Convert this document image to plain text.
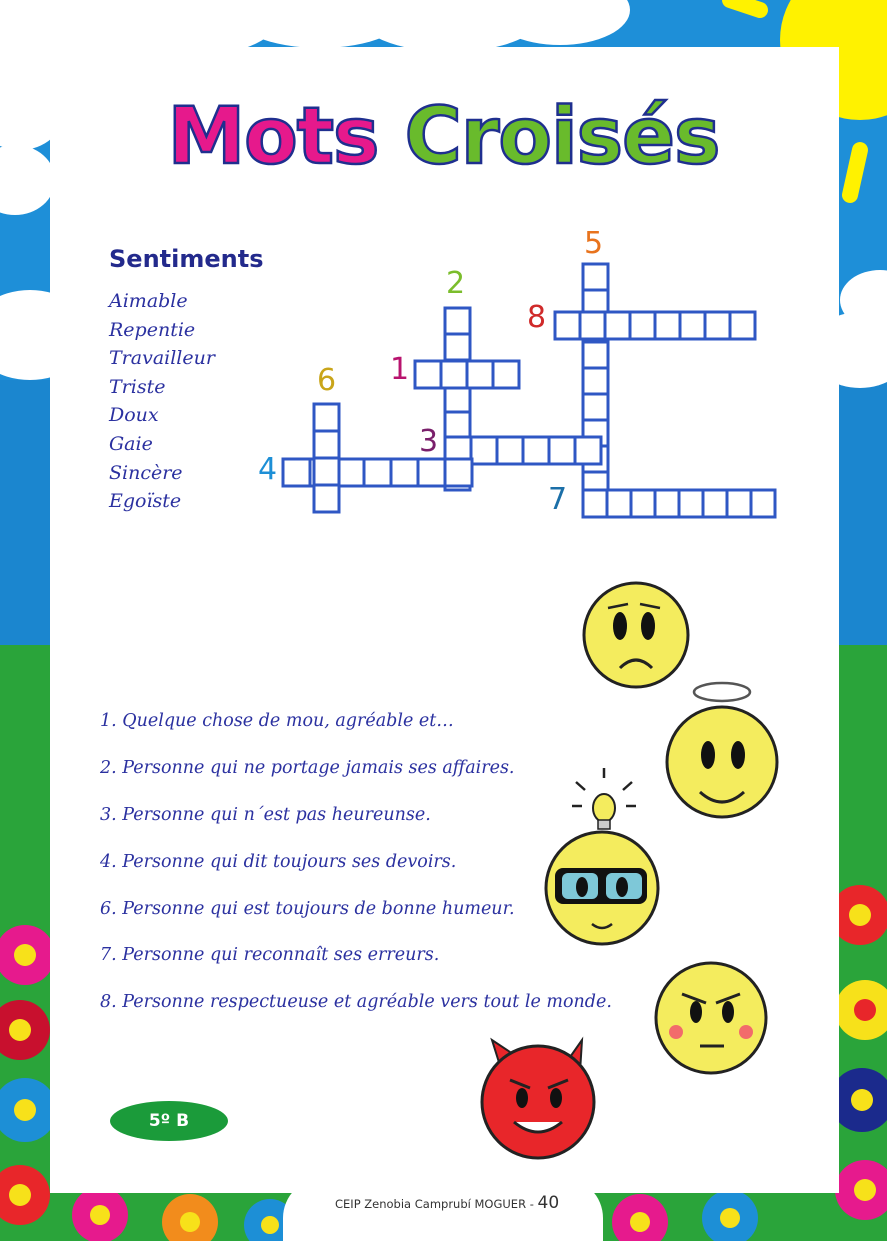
Mots Croisés
Sentiments
Aimable
Repentie
Travailleur
Triste
Doux
Gaie
Sincère
Egoïste
1
2
3
4
5
6
7
8
1. Quelque chose de mou, agréable et…
2. Personne qui ne portage jamais ses affaires.
3. Personne qui n´est pas heureunse.
4. Personne qui dit toujours ses devoirs.
6. Personne qui est toujours de bonne humeur.
7. Personne qui reconnaît ses erreurs.
8. Personne respectueuse et agréable vers tout le monde.
5º B
CEIP Zenobia Camprubí MOGUER - 40
